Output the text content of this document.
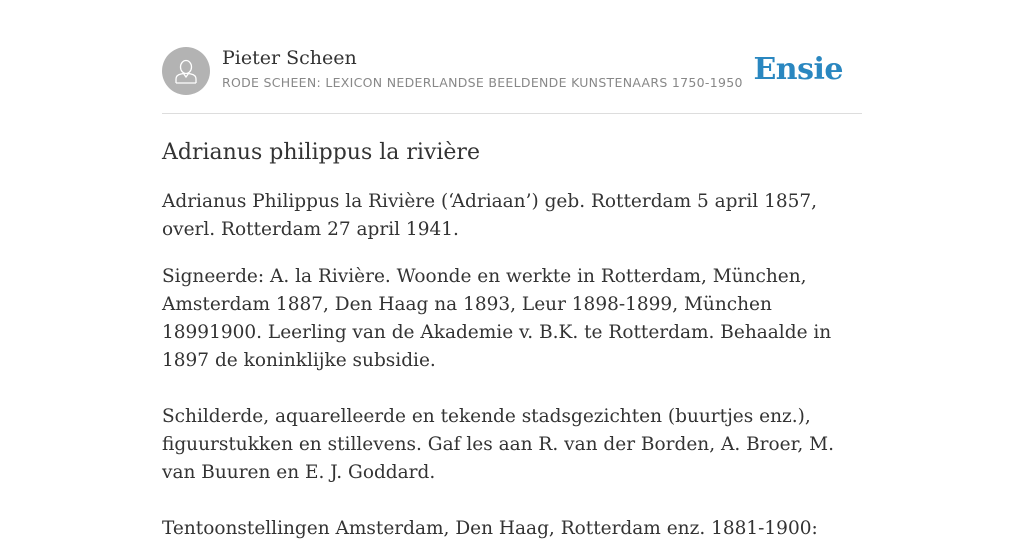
Pieter Scheen
RODE SCHEEN: LEXICON NEDERLANDSE BEELDENDE KUNSTENAARS 1750-1950 Ensie
Adrianus philippus la rivière

Adrianus Philippus la Rivière (‘Adriaan’) geb. Rotterdam 5 april 1857, overl. Rotterdam 27 april 1941.

Signeerde: A. la Rivière. Woonde en werkte in Rotterdam, München, Amsterdam 1887, Den Haag na 1893, Leur 1898-1899, München 18991900. Leerling van de Akademie v. B.K. te Rotterdam. Behaalde in 1897 de koninklijke subsidie.

Schilderde, aquarelleerde en tekende stadsgezichten (buurtjes enz.), figuurstukken en stillevens. Gaf les aan R. van der Borden, A. Broer, M. van Buuren en E. J. Goddard.

Tentoonstellingen Amsterdam, Den Haag, Rotterdam enz. 1881-1900:
